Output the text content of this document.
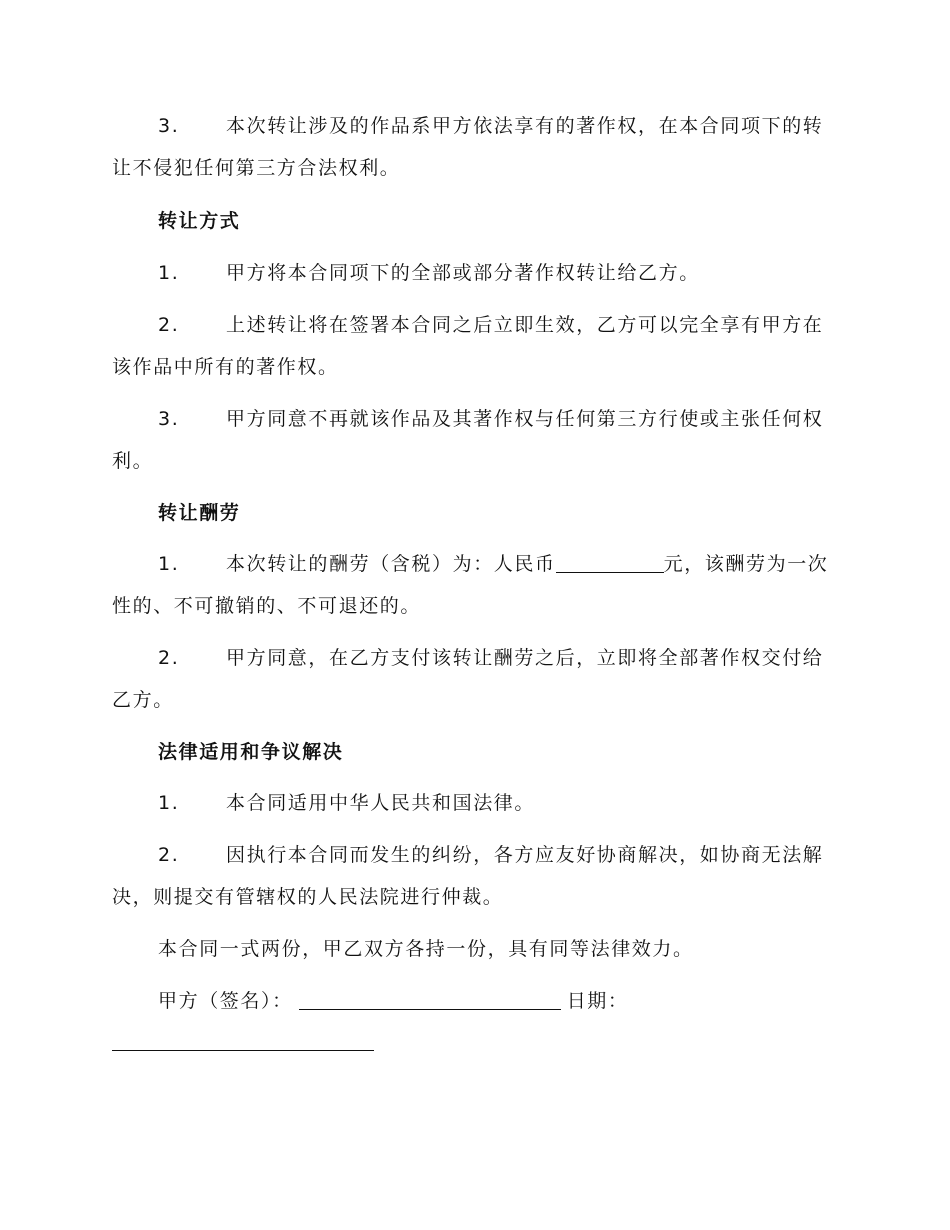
3. 本次转让涉及的作品系甲方依法享有的著作权，在本合同项下的转让不侵犯任何第三方合法权利。

转让方式

1. 甲方将本合同项下的全部或部分著作权转让给乙方。

2. 上述转让将在签署本合同之后立即生效，乙方可以完全享有甲方在该作品中所有的著作权。

3. 甲方同意不再就该作品及其著作权与任何第三方行使或主张任何权利。

转让酬劳

1. 本次转让的酬劳（含税）为：人民币	元，该酬劳为一次性的、不可撤销的、不可退还的。

2. 甲方同意，在乙方支付该转让酬劳之后，立即将全部著作权交付给乙方。

法律适用和争议解决

1. 本合同适用中华人民共和国法律。

2. 因执行本合同而发生的纠纷，各方应友好协商解决，如协商无法解决，则提交有管辖权的人民法院进行仲裁。

本合同一式两份，甲乙双方各持一份，具有同等法律效力。

甲方（签名）：	日期：
